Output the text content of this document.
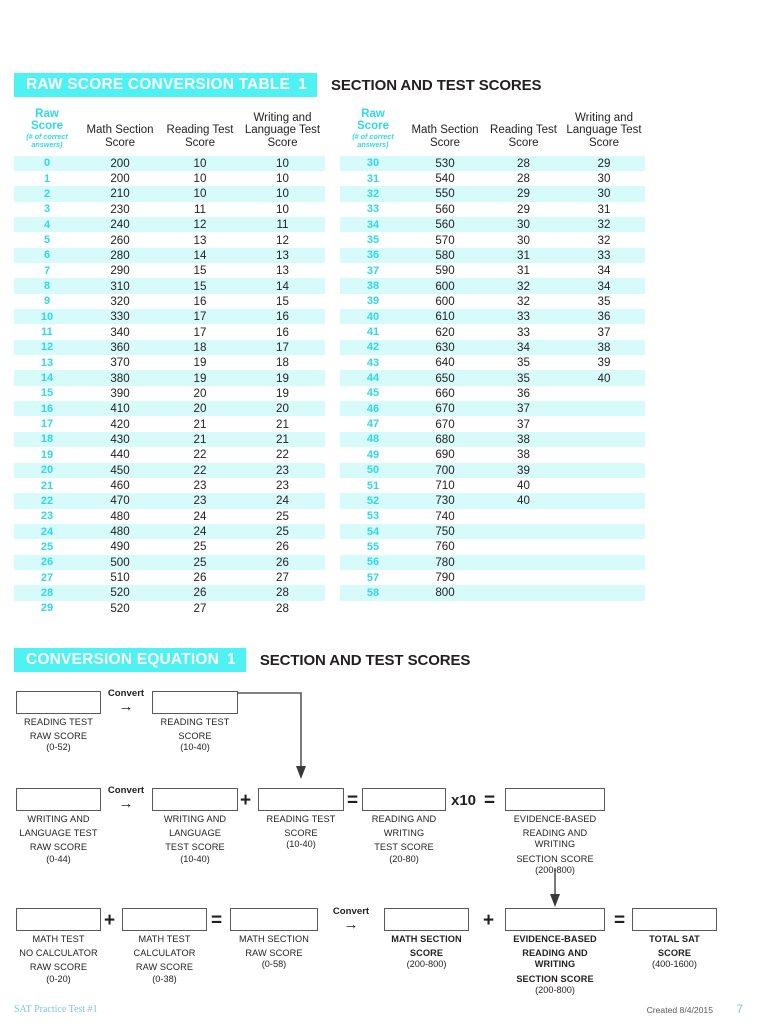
RAW SCORE CONVERSION TABLE 1 SECTION AND TEST SCORES
Raw
Score
(# of correct
answers)	Math Section Score	Reading Test Score	Writing and Language Test Score
0	200	10	10
1	200	10	10
2	210	10	10
3	230	11	10
4	240	12	11
5	260	13	12
6	280	14	13
7	290	15	13
8	310	15	14
9	320	16	15
10	330	17	16
11	340	17	16
12	360	18	17
13	370	19	18
14	380	19	19
15	390	20	19
16	410	20	20
17	420	21	21
18	430	21	21
19	440	22	22
20	450	22	23
21	460	23	23
22	470	23	24
23	480	24	25
24	480	24	25
25	490	25	26
26	500	25	26
27	510	26	27
28	520	26	28
29	520	27	28
Raw
Score
(# of correct
answers)	Math Section Score	Reading Test Score	Writing and Language Test Score
30	530	28	29
31	540	28	30
32	550	29	30
33	560	29	31
34	560	30	32
35	570	30	32
36	580	31	33
37	590	31	34
38	600	32	34
39	600	32	35
40	610	33	36
41	620	33	37
42	630	34	38
43	640	35	39
44	650	35	40
45	660	36	
46	670	37	
47	670	37	
48	680	38	
49	690	38	
50	700	39	
51	710	40	
52	730	40	
53	740		
54	750		
55	760		
56	780		
57	790		
58	800		
CONVERSION EQUATION 1 SECTION AND TEST SCORES
READING TEST
RAW SCORE
(0-52)
Convert
→
READING TEST
SCORE
(10-40)
WRITING AND
LANGUAGE TEST
RAW SCORE
(0-44)
Convert
→
WRITING AND
LANGUAGE
TEST SCORE
(10-40)
+
READING TEST
SCORE
(10-40)
=
READING AND
WRITING
TEST SCORE
(20-80)
x10 =
EVIDENCE-BASED
READING AND WRITING
SECTION SCORE
(200-800)
MATH TEST
NO CALCULATOR
RAW SCORE
(0-20)
+
MATH TEST
CALCULATOR
RAW SCORE
(0-38)
=
MATH SECTION
RAW SCORE
(0-58)
Convert
→
MATH SECTION
SCORE
(200-800)
+
EVIDENCE-BASED
READING AND WRITING
SECTION SCORE
(200-800)
=
TOTAL SAT
SCORE
(400-1600)
SAT Practice Test #1	Created 8/4/2015 7
